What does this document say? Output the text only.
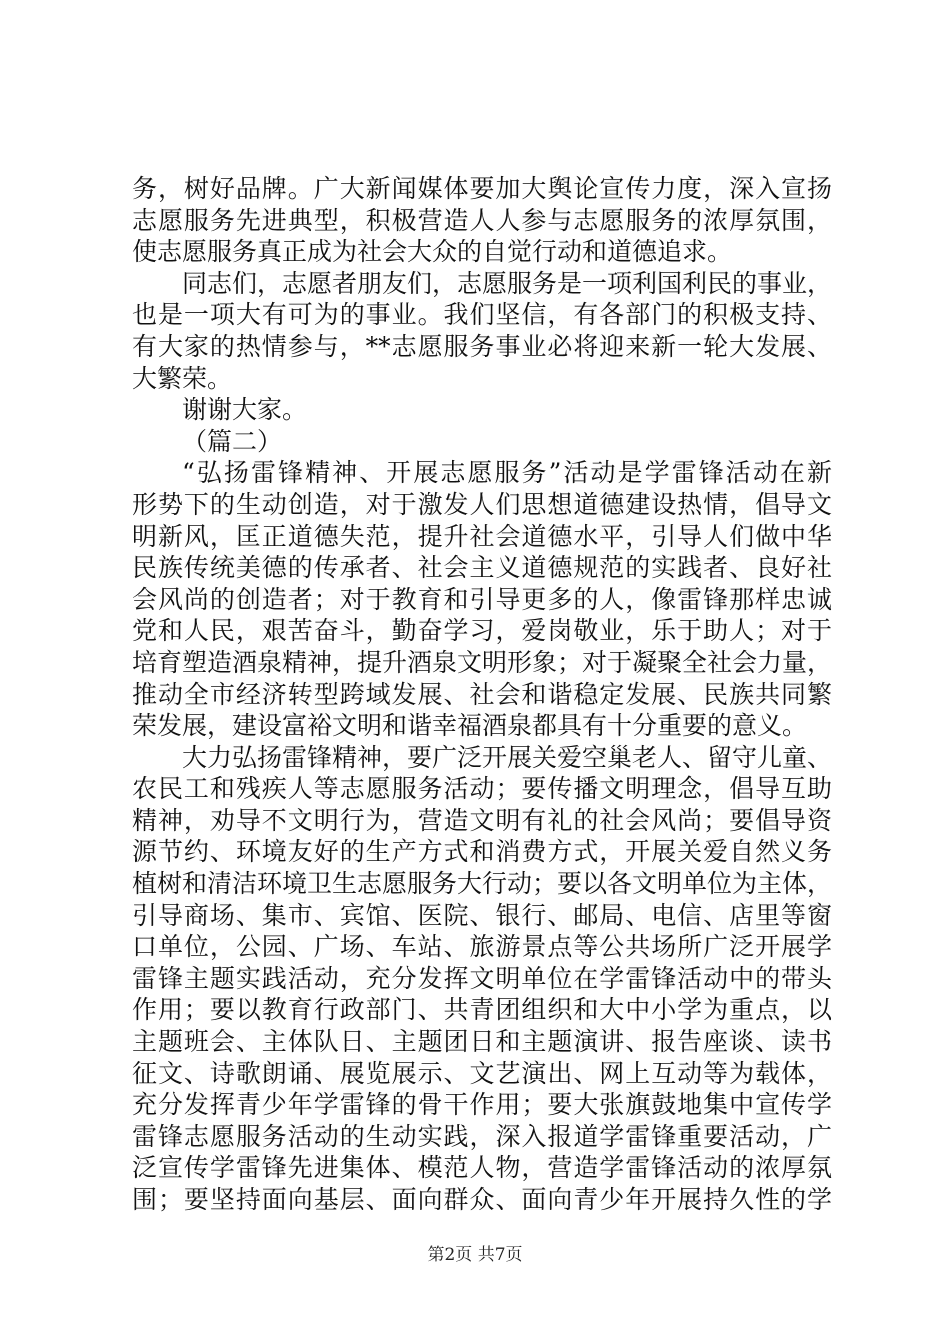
务，树好品牌。广大新闻媒体要加大舆论宣传力度，深入宣扬
志愿服务先进典型，积极营造人人参与志愿服务的浓厚氛围，
使志愿服务真正成为社会大众的自觉行动和道德追求。
同志们，志愿者朋友们，志愿服务是一项利国利民的事业，
也是一项大有可为的事业。我们坚信，有各部门的积极支持、
有大家的热情参与，**志愿服务事业必将迎来新一轮大发展、
大繁荣。
谢谢大家。
（篇二）
“弘扬雷锋精神、开展志愿服务”活动是学雷锋活动在新
形势下的生动创造，对于激发人们思想道德建设热情，倡导文
明新风，匡正道德失范，提升社会道德水平，引导人们做中华
民族传统美德的传承者、社会主义道德规范的实践者、良好社
会风尚的创造者；对于教育和引导更多的人，像雷锋那样忠诚
党和人民，艰苦奋斗，勤奋学习，爱岗敬业，乐于助人；对于
培育塑造酒泉精神，提升酒泉文明形象；对于凝聚全社会力量，
推动全市经济转型跨域发展、社会和谐稳定发展、民族共同繁
荣发展，建设富裕文明和谐幸福酒泉都具有十分重要的意义。
大力弘扬雷锋精神，要广泛开展关爱空巢老人、留守儿童、
农民工和残疾人等志愿服务活动；要传播文明理念，倡导互助
精神，劝导不文明行为，营造文明有礼的社会风尚；要倡导资
源节约、环境友好的生产方式和消费方式，开展关爱自然义务
植树和清洁环境卫生志愿服务大行动；要以各文明单位为主体，
引导商场、集市、宾馆、医院、银行、邮局、电信、店里等窗
口单位，公园、广场、车站、旅游景点等公共场所广泛开展学
雷锋主题实践活动，充分发挥文明单位在学雷锋活动中的带头
作用；要以教育行政部门、共青团组织和大中小学为重点，以
主题班会、主体队日、主题团日和主题演讲、报告座谈、读书
征文、诗歌朗诵、展览展示、文艺演出、网上互动等为载体，
充分发挥青少年学雷锋的骨干作用；要大张旗鼓地集中宣传学
雷锋志愿服务活动的生动实践，深入报道学雷锋重要活动，广
泛宣传学雷锋先进集体、模范人物，营造学雷锋活动的浓厚氛
围；要坚持面向基层、面向群众、面向青少年开展持久性的学
第2页 共7页
